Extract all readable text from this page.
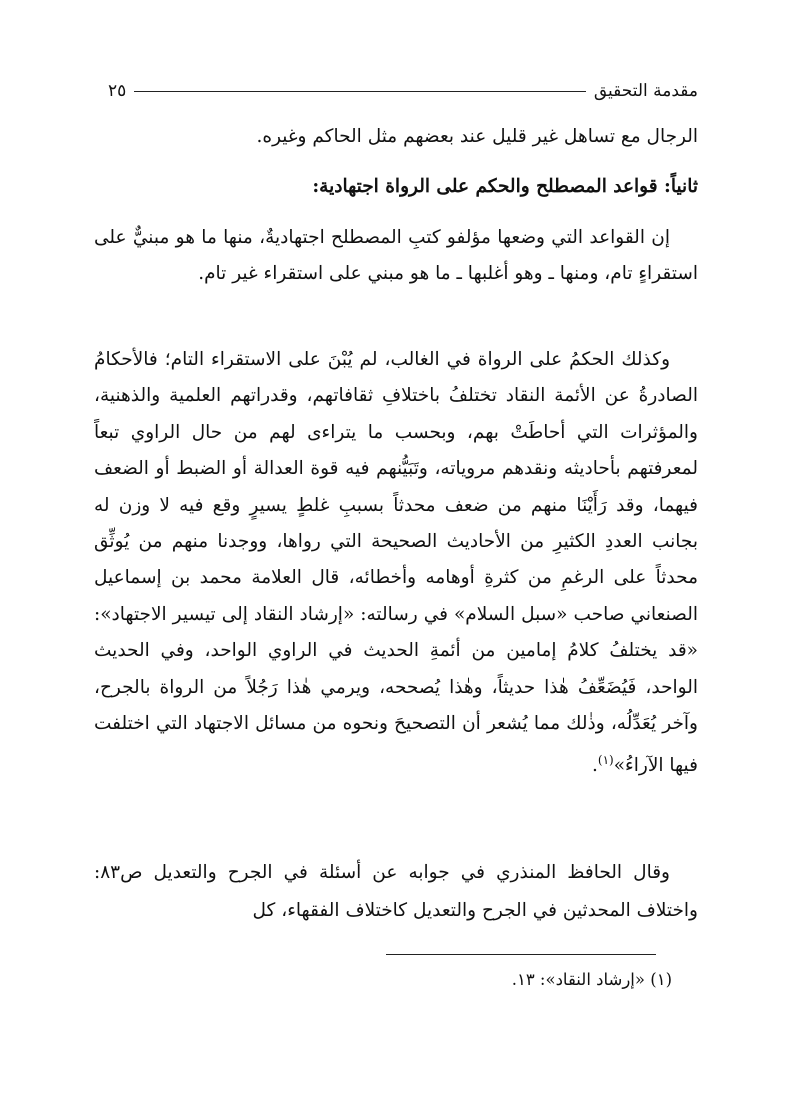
مقدمة التحقيق
٢٥

الرجال مع تساهل غير قليل عند بعضهم مثل الحاكم وغيره.

ثانياً: قواعد المصطلح والحكم على الرواة اجتهادية:

إن القواعد التي وضعها مؤلفو كتبِ المصطلح اجتهاديةٌ، منها ما هو مبنيٌّ على استقراءٍ تام، ومنها ـ وهو أغلبها ـ ما هو مبني على استقراء غير تام.

وكذلك الحكمُ على الرواة في الغالب، لم يُبْنَ على الاستقراء التام؛ فالأحكامُ الصادرةُ عن الأئمة النقاد تختلفُ باختلافِ ثقافاتهم، وقدراتهم العلمية والذهنية، والمؤثرات التي أحاطَتْ بهم، وبحسب ما يتراءى لهم من حال الراوي تبعاً لمعرفتهم بأحاديثه ونقدهم مروياته، وتَبَيُّنهم فيه قوة العدالة أو الضبط أو الضعف فيهما، وقد رَأَيْنَا منهم من ضعف محدثاً بسببِ غلطٍ يسيرٍ وقع فيه لا وزن له بجانب العددِ الكثيرِ من الأحاديث الصحيحة التي رواها، ووجدنا منهم من يُوثِّق محدثاً على الرغمِ من كثرةِ أوهامه وأخطائه، قال العلامة محمد بن إسماعيل الصنعاني صاحب «سبل السلام» في رسالته: «إرشاد النقاد إلى تيسير الاجتهاد»: «قد يختلفُ كلامُ إمامين من أئمةِ الحديث في الراوي الواحد، وفي الحديث الواحد، فَيُضَعِّفُ هٰذا حديثاً، وهٰذا يُصححه، ويرمي هٰذا رَجُلاً من الرواة بالجرح، وآخر يُعَدِّلُه، وذٰلك مما يُشعر أن التصحيحَ ونحوه من مسائل الاجتهاد التي اختلفت فيها الآراءُ»$^{(١)}$.

وقال الحافظ المنذري في جوابه عن أسئلة في الجرح والتعديل ص٨٣: واختلاف المحدثين في الجرح والتعديل كاختلاف الفقهاء، كل

(١) «إرشاد النقاد»: ١٣.
